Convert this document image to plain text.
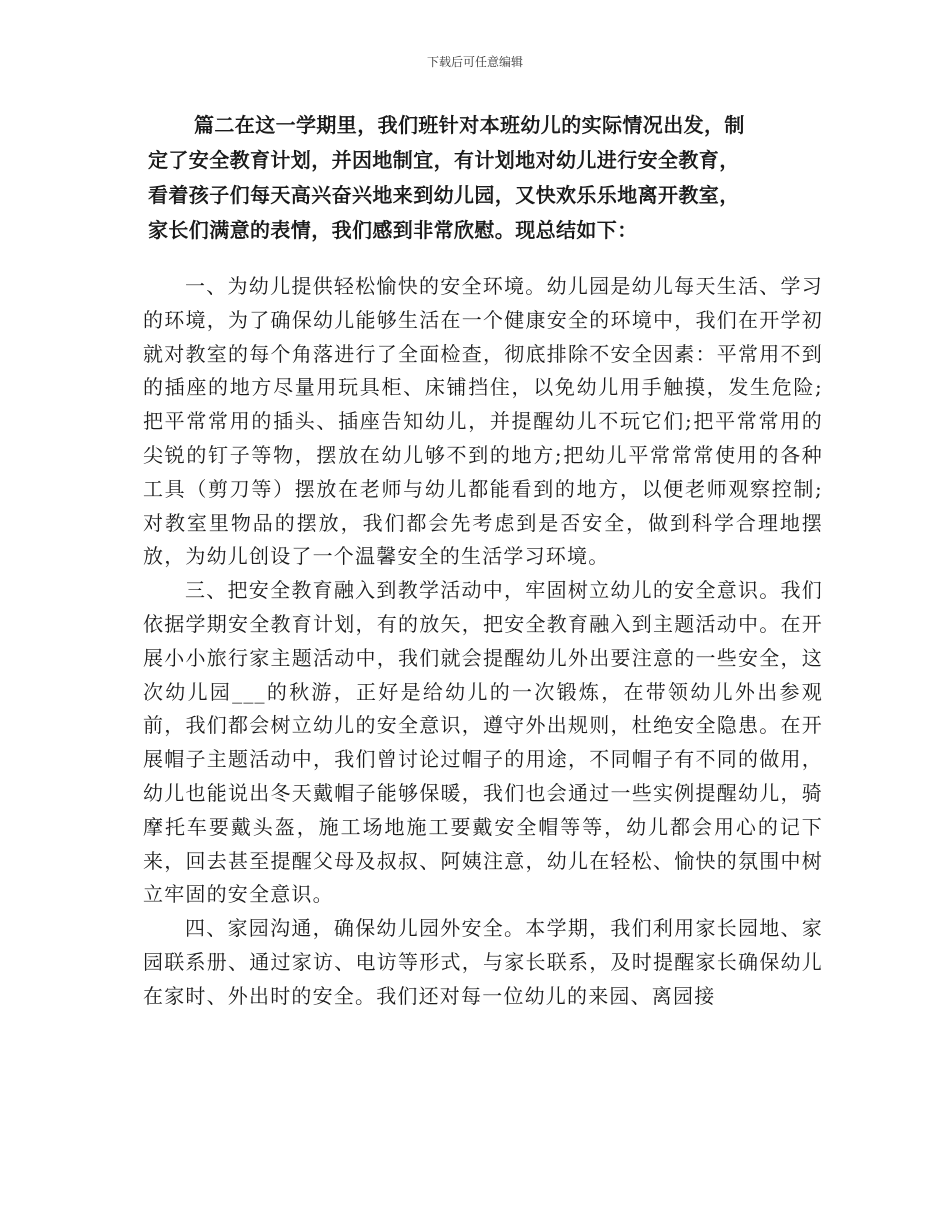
下载后可任意编辑

篇二在这一学期里，我们班针对本班幼儿的实际情况出发，制

定了安全教育计划，并因地制宜，有计划地对幼儿进行安全教育，

看着孩子们每天高兴奋兴地来到幼儿园，又快欢乐乐地离开教室，

家长们满意的表情，我们感到非常欣慰。现总结如下：

一、为幼儿提供轻松愉快的安全环境。幼儿园是幼儿每天生活、学习的环境，为了确保幼儿能够生活在一个健康安全的环境中，我们在开学初就对教室的每个角落进行了全面检查，彻底排除不安全因素：平常用不到的插座的地方尽量用玩具柜、床铺挡住，以免幼儿用手触摸，发生危险;把平常常用的插头、插座告知幼儿，并提醒幼儿不玩它们;把平常常用的尖锐的钉子等物，摆放在幼儿够不到的地方;把幼儿平常常常使用的各种工具（剪刀等）摆放在老师与幼儿都能看到的地方，以便老师观察控制;对教室里物品的摆放，我们都会先考虑到是否安全，做到科学合理地摆放，为幼儿创设了一个温馨安全的生活学习环境。

三、把安全教育融入到教学活动中，牢固树立幼儿的安全意识。我们依据学期安全教育计划，有的放矢，把安全教育融入到主题活动中。在开展小小旅行家主题活动中，我们就会提醒幼儿外出要注意的一些安全，这次幼儿园___的秋游，正好是给幼儿的一次锻炼，在带领幼儿外出参观前，我们都会树立幼儿的安全意识，遵守外出规则，杜绝安全隐患。在开展帽子主题活动中，我们曾讨论过帽子的用途，不同帽子有不同的做用，幼儿也能说出冬天戴帽子能够保暖，我们也会通过一些实例提醒幼儿，骑摩托车要戴头盔，施工场地施工要戴安全帽等等，幼儿都会用心的记下来，回去甚至提醒父母及叔叔、阿姨注意，幼儿在轻松、愉快的氛围中树立牢固的安全意识。

四、家园沟通，确保幼儿园外安全。本学期，我们利用家长园地、家园联系册、通过家访、电访等形式，与家长联系，及时提醒家长确保幼儿在家时、外出时的安全。我们还对每一位幼儿的来园、离园接
